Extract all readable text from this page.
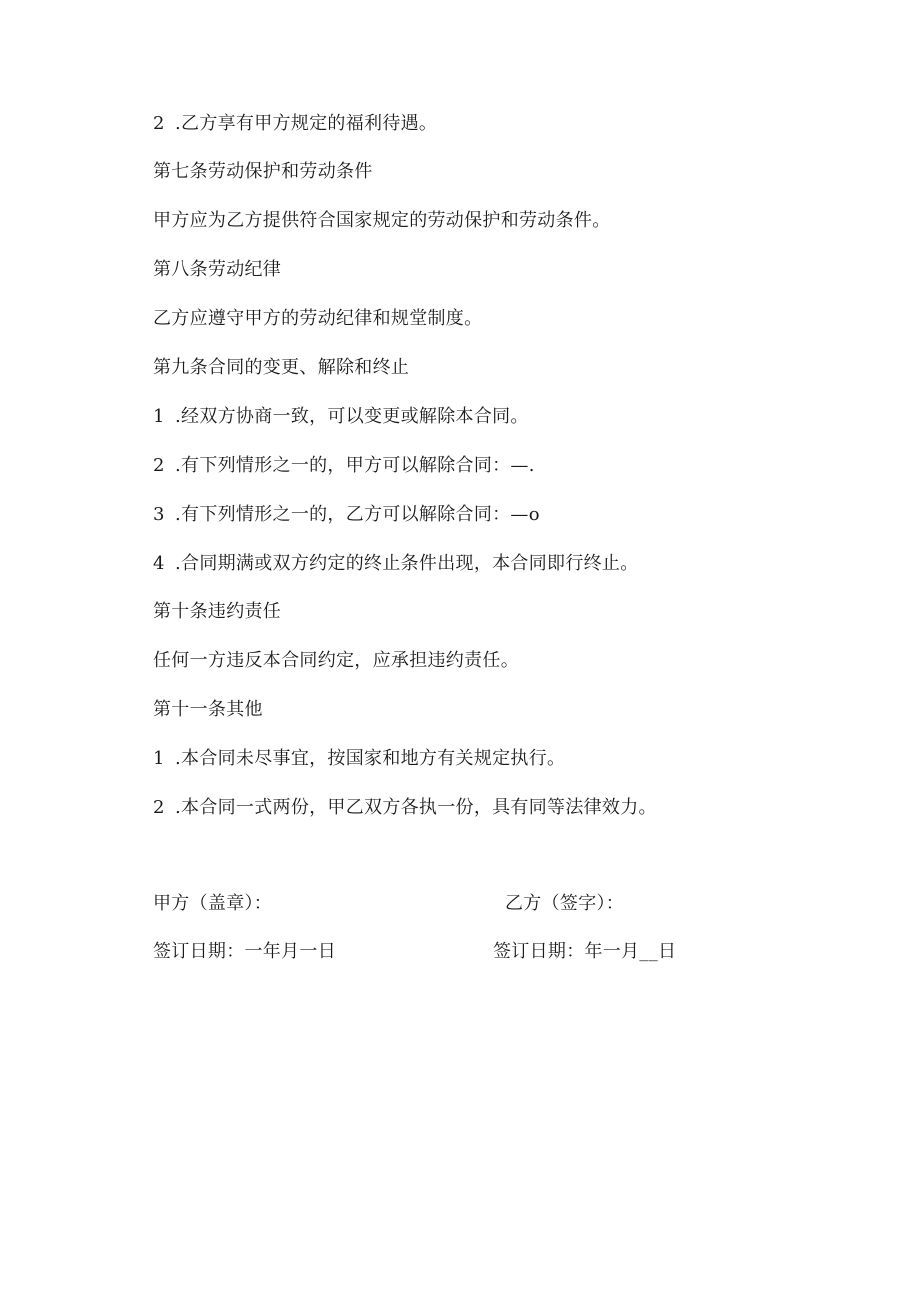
2 .乙方享有甲方规定的福利待遇。
第七条劳动保护和劳动条件
甲方应为乙方提供符合国家规定的劳动保护和劳动条件。
第八条劳动纪律
乙方应遵守甲方的劳动纪律和规堂制度。
第九条合同的变更、解除和终止
1 .经双方协商一致，可以变更或解除本合同。
2 .有下列情形之一的，甲方可以解除合同：—.
3 .有下列情形之一的，乙方可以解除合同：—o
4 .合同期满或双方约定的终止条件出现，本合同即行终止。
第十条违约责任
任何一方违反本合同约定，应承担违约责任。
第十一条其他
1 .本合同未尽事宜，按国家和地方有关规定执行。
2 .本合同一式两份，甲乙双方各执一份，具有同等法律效力。
甲方（盖章）：	乙方（签字）：
签订日期：一年月一日	签订日期：年一月__日
